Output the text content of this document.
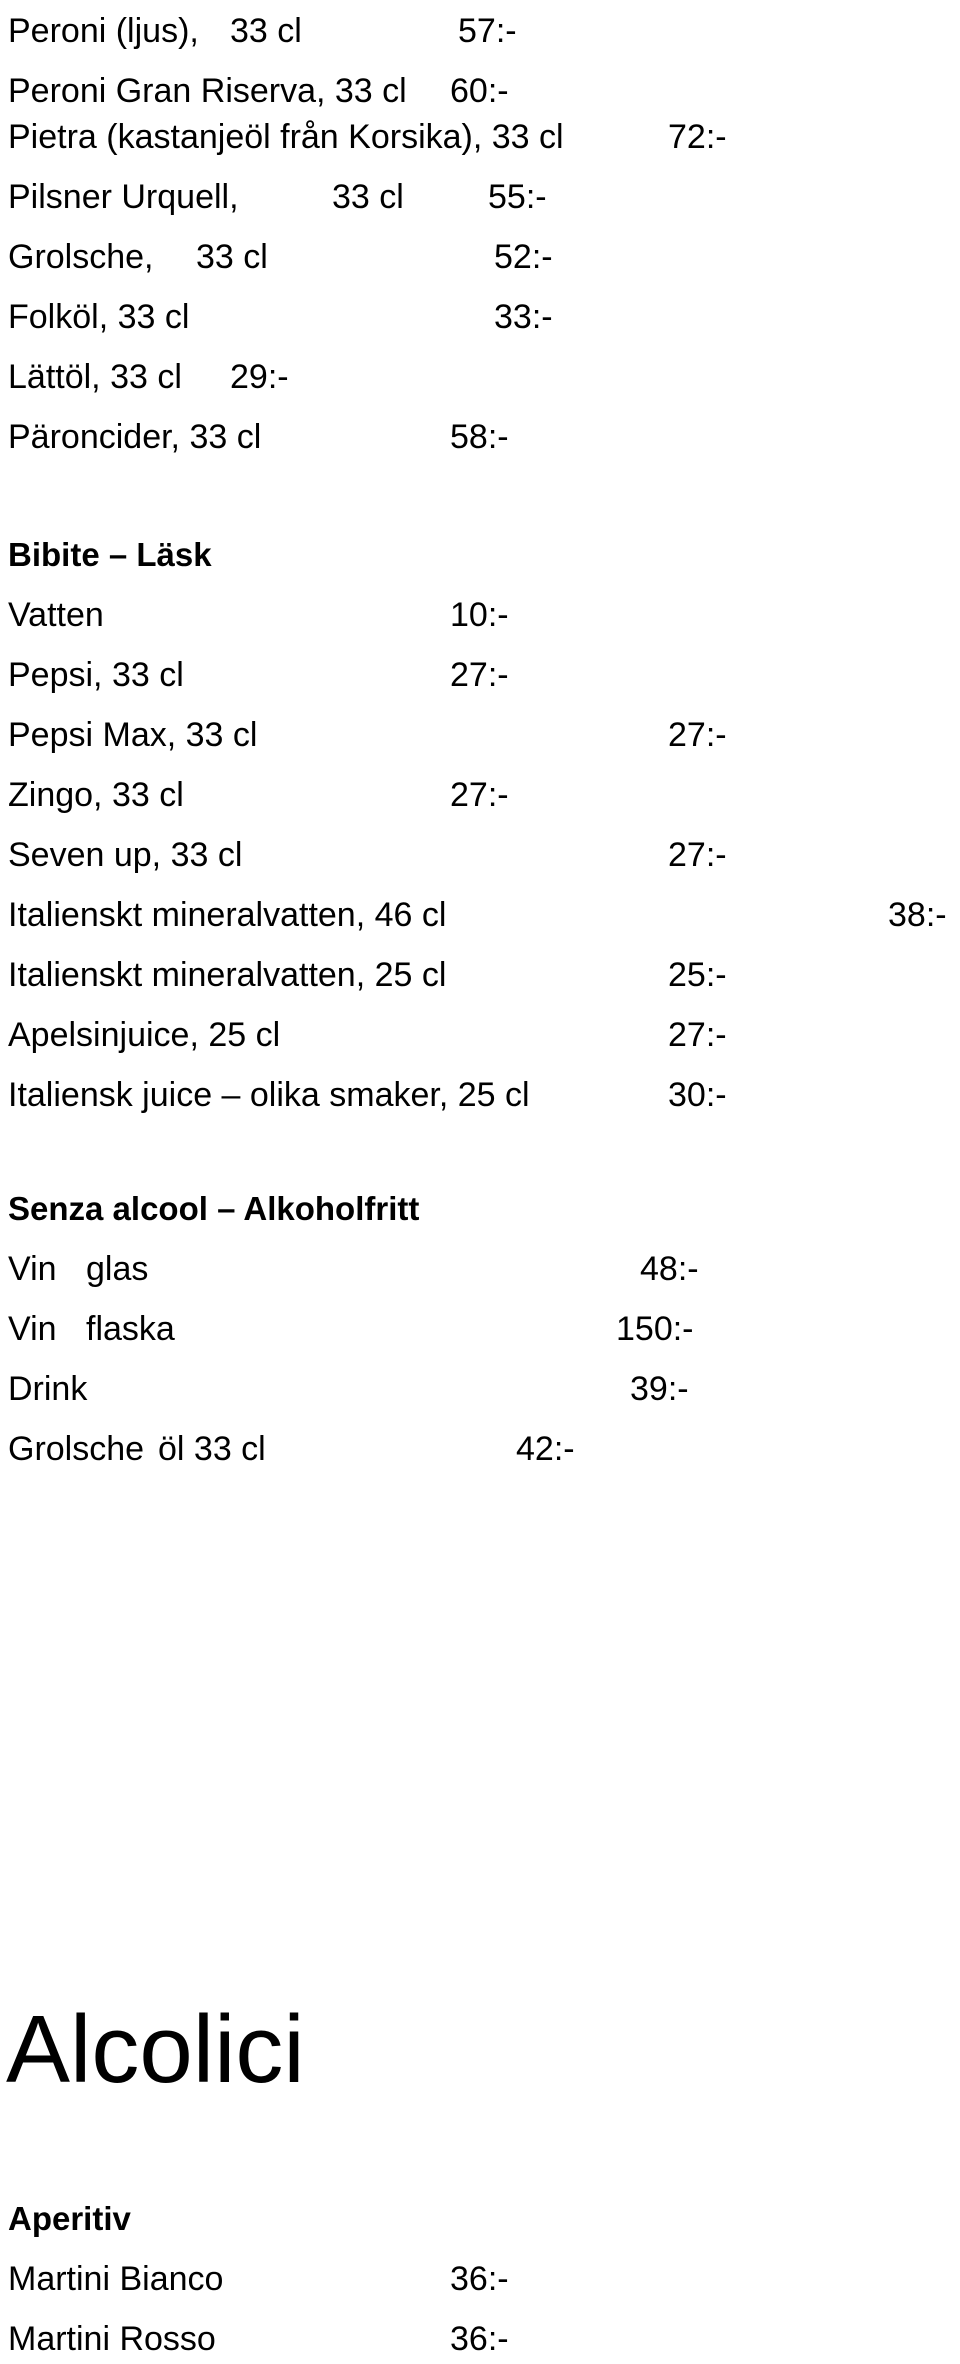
Peroni (ljus), 33 cl	57:-
Peroni Gran Riserva, 33 cl 60:-
Pietra (kastanjeöl från Korsika), 33 cl	72:-
Pilsner Urquell,	33 cl 55:-
Grolsche, 33 cl	52:-
Folköl, 33 cl	33:-
Lättöl, 33 cl 29:-
Päroncider, 33 cl	58:-
Bibite – Läsk
Vatten	10:-
Pepsi, 33 cl	27:-
Pepsi Max, 33 cl	27:-
Zingo, 33 cl	27:-
Seven up, 33 cl	27:-
Italienskt mineralvatten, 46 cl	38:-
Italienskt mineralvatten, 25 cl	25:-
Apelsinjuice, 25 cl	27:-
Italiensk juice – olika smaker, 25 cl	30:-
Senza alcool – Alkoholfritt
Vin glas	48:-
Vin flaska	150:-
Drink	39:-
Grolsche öl 33 cl	42:-
Alcolici
Aperitiv
Martini Bianco	36:-
Martini Rosso	36:-
